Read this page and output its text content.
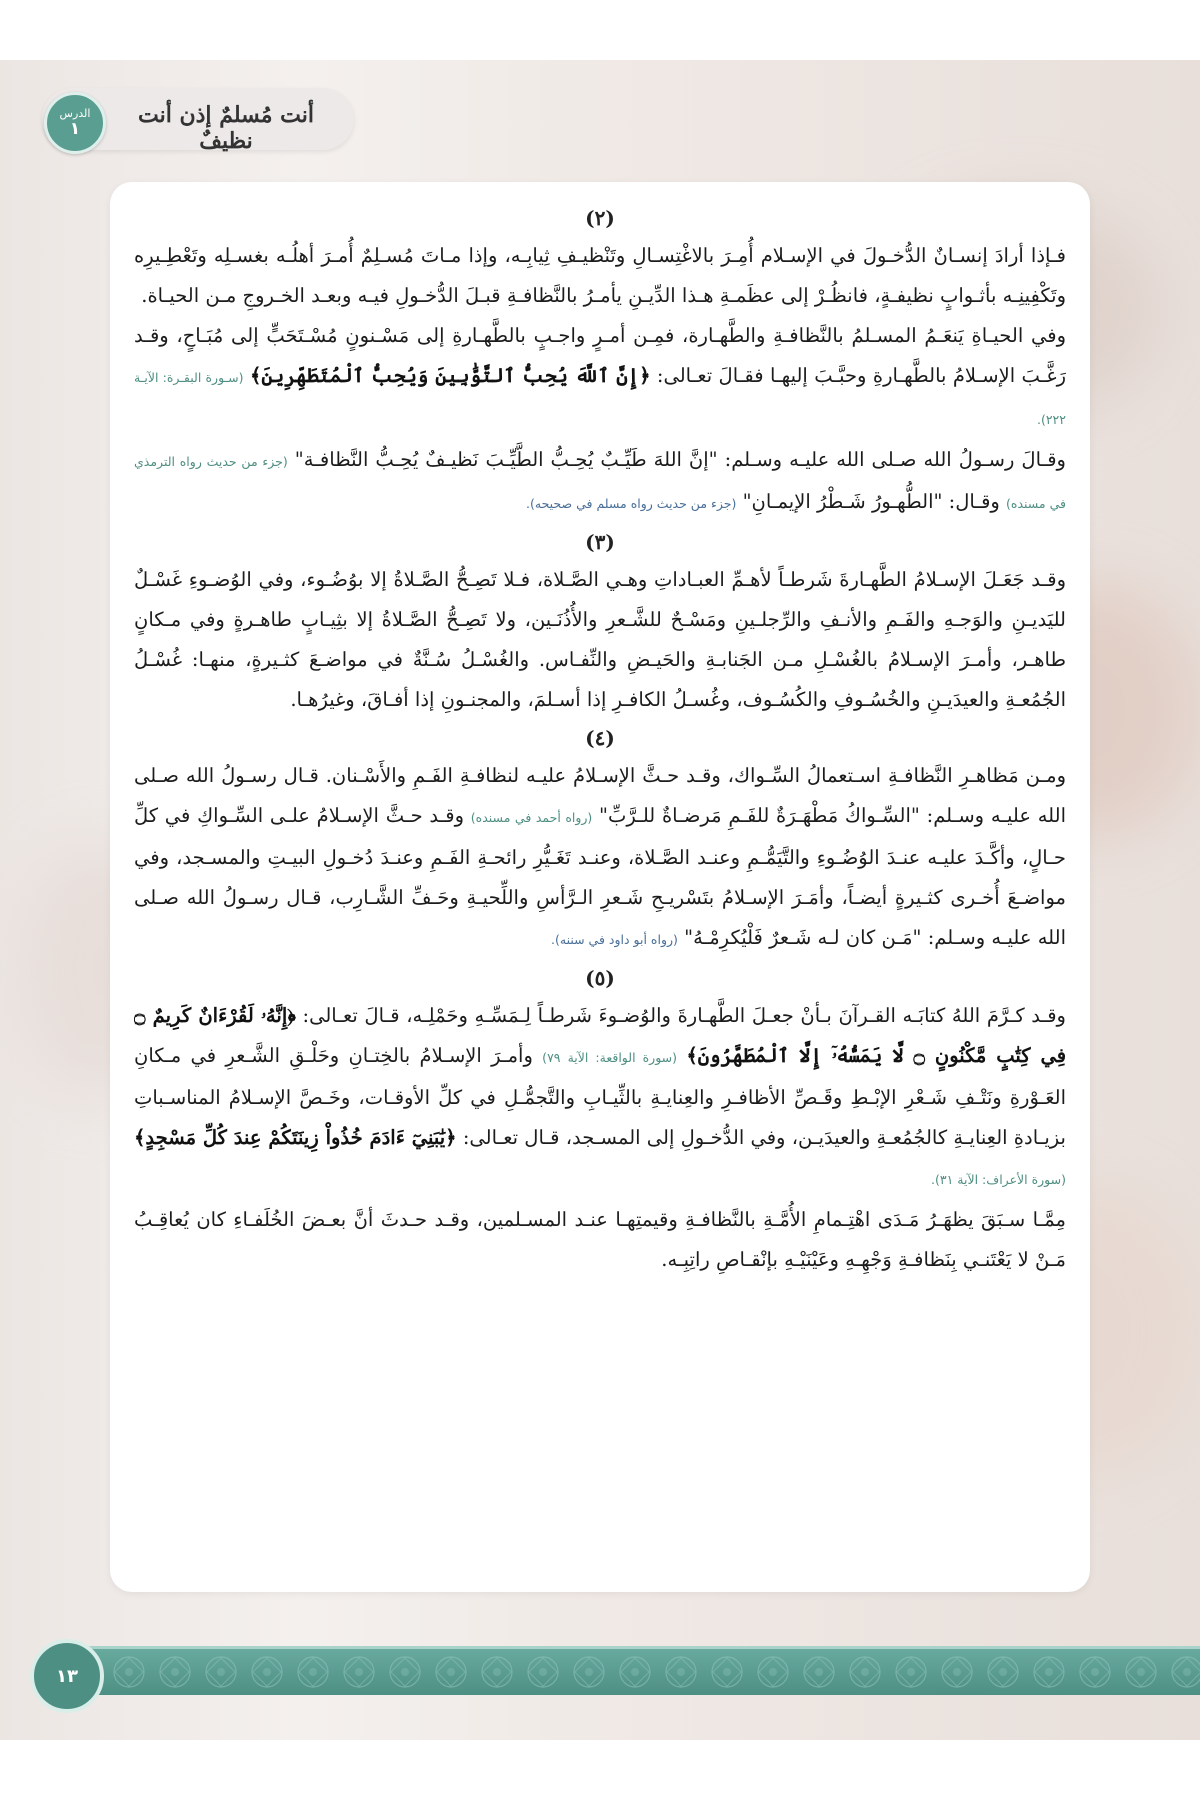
الدرس
١
أنت مُسلمٌ إذن أنت نظيفٌ
(٢)

فـإذا أرادَ إنسـانٌ الدُّخـولَ في الإسـلام أُمِـرَ بالاغْتِسـالِ وتَنْظيـفِ ثِيابِـه، وإذا مـاتَ مُسـلِمٌ أُمـرَ أهلُـه بغسـلِه وتَعْطِـيرِه وتَكْفِينِـه بأثـوابٍ نظيفـةٍ، فانظُـرْ إلى عظَمـةِ هـذا الدِّيـنِ يأمـرُ بالنَّظافـةِ قبـلَ الدُّخـولِ فيـه وبعـد الخـروجِ مـن الحيـاة.

وفي الحيـاةِ يَنعَـمُ المسـلمُ بالنَّظافـةِ والطَّهـارة، فمِـن أمـرٍ واجـبٍ بالطَّهـارةِ إلى مَسْـنونٍ مُسْـتَحَبٍّ إلى مُبَـاحٍ، وقـد رَغَّـبَ الإسـلامُ بالطَّهـارةِ وحبَّـبَ إليهـا فقـالَ تعـالى: ﴿إِنَّ ٱللَّهَ يُحِبُّ ٱلتَّوَّٰبِينَ وَيُحِبُّ ٱلْمُتَطَهِّرِينَ﴾ (سـورة البقـرة: الآيـة ٢٢٢).

وقـالَ رسـولُ الله صـلى الله عليـه وسـلم: "إنَّ اللهَ طَيِّـبٌ يُحِـبُّ الطَّيِّـبَ نَظيـفٌ يُحِـبُّ النَّظافـة" (جزء من حديث رواه الترمذي في مسنده) وقـال: "الطُّهـورُ شَـطْرُ الإيمـانِ" (جزء من حديث رواه مسلم في صحيحه).

(٣)

وقـد جَعَـلَ الإسـلامُ الطَّهـارةَ شَرطـاً لأهـمِّ العبـاداتِ وهـي الصَّـلاة، فـلا تَصِـحُّ الصَّـلاةُ إلا بوُضُـوء، وفي الوُضـوءِ غَسْـلٌ لليَديـنِ والوَجـهِ والفَـمِ والأنـفِ والرِّجلـينِ ومَسْـحٌ للشَّـعرِ والأُذُنَـين، ولا تَصِـحُّ الصَّـلاةُ إلا بثِيـابٍ طاهـرةٍ وفي مـكانٍ طاهـر، وأمـرَ الإسـلامُ بالغُسْـلِ مـن الجَنابـةِ والحَيـضِ والنِّفـاس. والغُسْـلُ سُـنَّةٌ في مواضـعَ كثـيرةٍ، منهـا: غُسْـلُ الجُمُعـةِ والعيدَيـنِ والخُسُـوفِ والكُسُـوف، وغُسـلُ الكافـرِ إذا أسـلمَ، والمجنـونِ إذا أفـاقَ، وغيرُهـا.

(٤)

ومـن مَظاهـرِ النَّظافـةِ اسـتعمالُ السِّـواك، وقـد حـثَّ الإسـلامُ عليـه لنظافـةِ الفَـمِ والأَسْـنان. قـال رسـولُ الله صـلى الله عليـه وسـلم: "السِّـواكُ مَطْهَـرَةٌ للفَـمِ مَرضـاةٌ للـرَّبِّ" (رواه أحمد في مسنده) وقـد حـثَّ الإسـلامُ علـى السِّـواكِ في كلِّ حـالٍ، وأكَّـدَ عليـه عنـدَ الوُضُـوءِ والتَّيَمُّـمِ وعنـد الصَّـلاة، وعنـد تَغَـيُّرِ رائحـةِ الفَـمِ وعنـدَ دُخـولِ البيـتِ والمسـجد، وفي مواضـعَ أُخـرى كثـيرةٍ أيضـاً، وأمَـرَ الإسـلامُ بتَسْريـحِ شَـعرِ الـرَّأسِ واللِّحيـةِ وحَـفِّ الشَّـارِب، قـال رسـولُ الله صـلى الله عليـه وسـلم: "مَـن كان لـه شَـعرٌ فَلْيُكرِمْـهُ" (رواه أبو داود في سننه).

(٥)

وقـد كـرَّمَ اللهُ كتابَـه القـرآنَ بـأنْ جعـلَ الطَّهـارةَ والوُضـوءَ شَرطـاً لِـمَسِّـهِ وحَمْلِـه، قـالَ تعـالى: ﴿إِنَّهُۥ لَقُرْءَانٌ كَرِيمٌ ۝ فِي كِتَٰبٍ مَّكْنُونٍ ۝ لَّا يَمَسُّهُۥٓ إِلَّا ٱلْمُطَهَّرُونَ﴾ (سورة الواقعة: الآية ٧٩) وأمـرَ الإسـلامُ بالخِتـانِ وحَلْـقِ الشَّـعرِ في مـكانِ العَـوْرةِ ونَتْـفِ شَـعْرِ الإبْـطِ وقَـصِّ الأظافـرِ والعِنايـةِ بالثِّيـابِ والتَّجمُّـلِ في كلِّ الأوقـات، وخَـصَّ الإسـلامُ المناسـباتِ بزيـادةِ العِنايـةِ كالجُمُعـةِ والعيدَيـن، وفي الدُّخـولِ إلى المسـجد، قـال تعـالى: ﴿يَٰبَنِيٓ ءَادَمَ خُذُواْ زِينَتَكُمْ عِندَ كُلِّ مَسْجِدٍ﴾ (سورة الأعراف: الآية ٣١).

مِمَّـا سـبَقَ يظهَـرُ مَـدَى اهْتِـمامِ الأُمَّـةِ بالنَّظافـةِ وقيمتِهـا عنـد المسـلمين، وقـد حـدثَ أنَّ بعـضَ الخُلَفـاءِ كان يُعاقِـبُ مَـنْ لا يَعْتَنـي بِنَظافـةِ وَجْهِـهِ وعَيْنَيْـهِ بإنْقـاصِ راتِبِـه.

١٣
